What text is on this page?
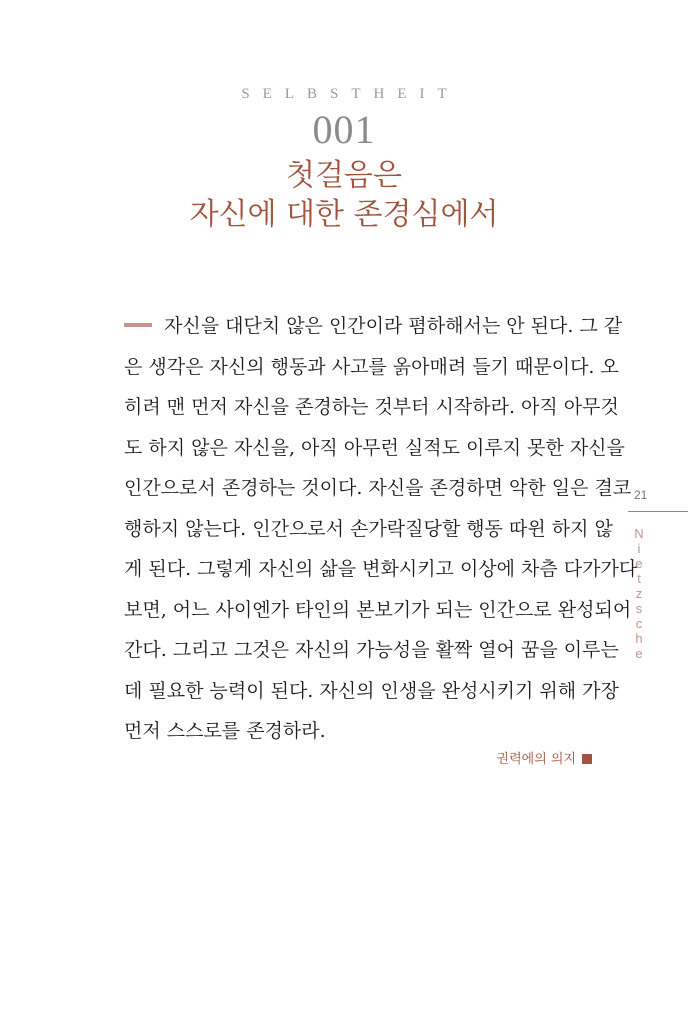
SELBSTHEIT
001
첫걸음은
자신에 대한 존경심에서
자신을 대단치 않은 인간이라 폄하해서는 안 된다. 그 같
은 생각은 자신의 행동과 사고를 옭아매려 들기 때문이다. 오
히려 맨 먼저 자신을 존경하는 것부터 시작하라. 아직 아무것
도 하지 않은 자신을, 아직 아무런 실적도 이루지 못한 자신을
인간으로서 존경하는 것이다. 자신을 존경하면 악한 일은 결코
행하지 않는다. 인간으로서 손가락질당할 행동 따윈 하지 않
게 된다. 그렇게 자신의 삶을 변화시키고 이상에 차츰 다가가다
보면, 어느 사이엔가 타인의 본보기가 되는 인간으로 완성되어
간다. 그리고 그것은 자신의 가능성을 활짝 열어 꿈을 이루는
데 필요한 능력이 된다. 자신의 인생을 완성시키기 위해 가장
먼저 스스로를 존경하라.
권력에의 의지
21
N
i
e
t
z
s
c
h
e
